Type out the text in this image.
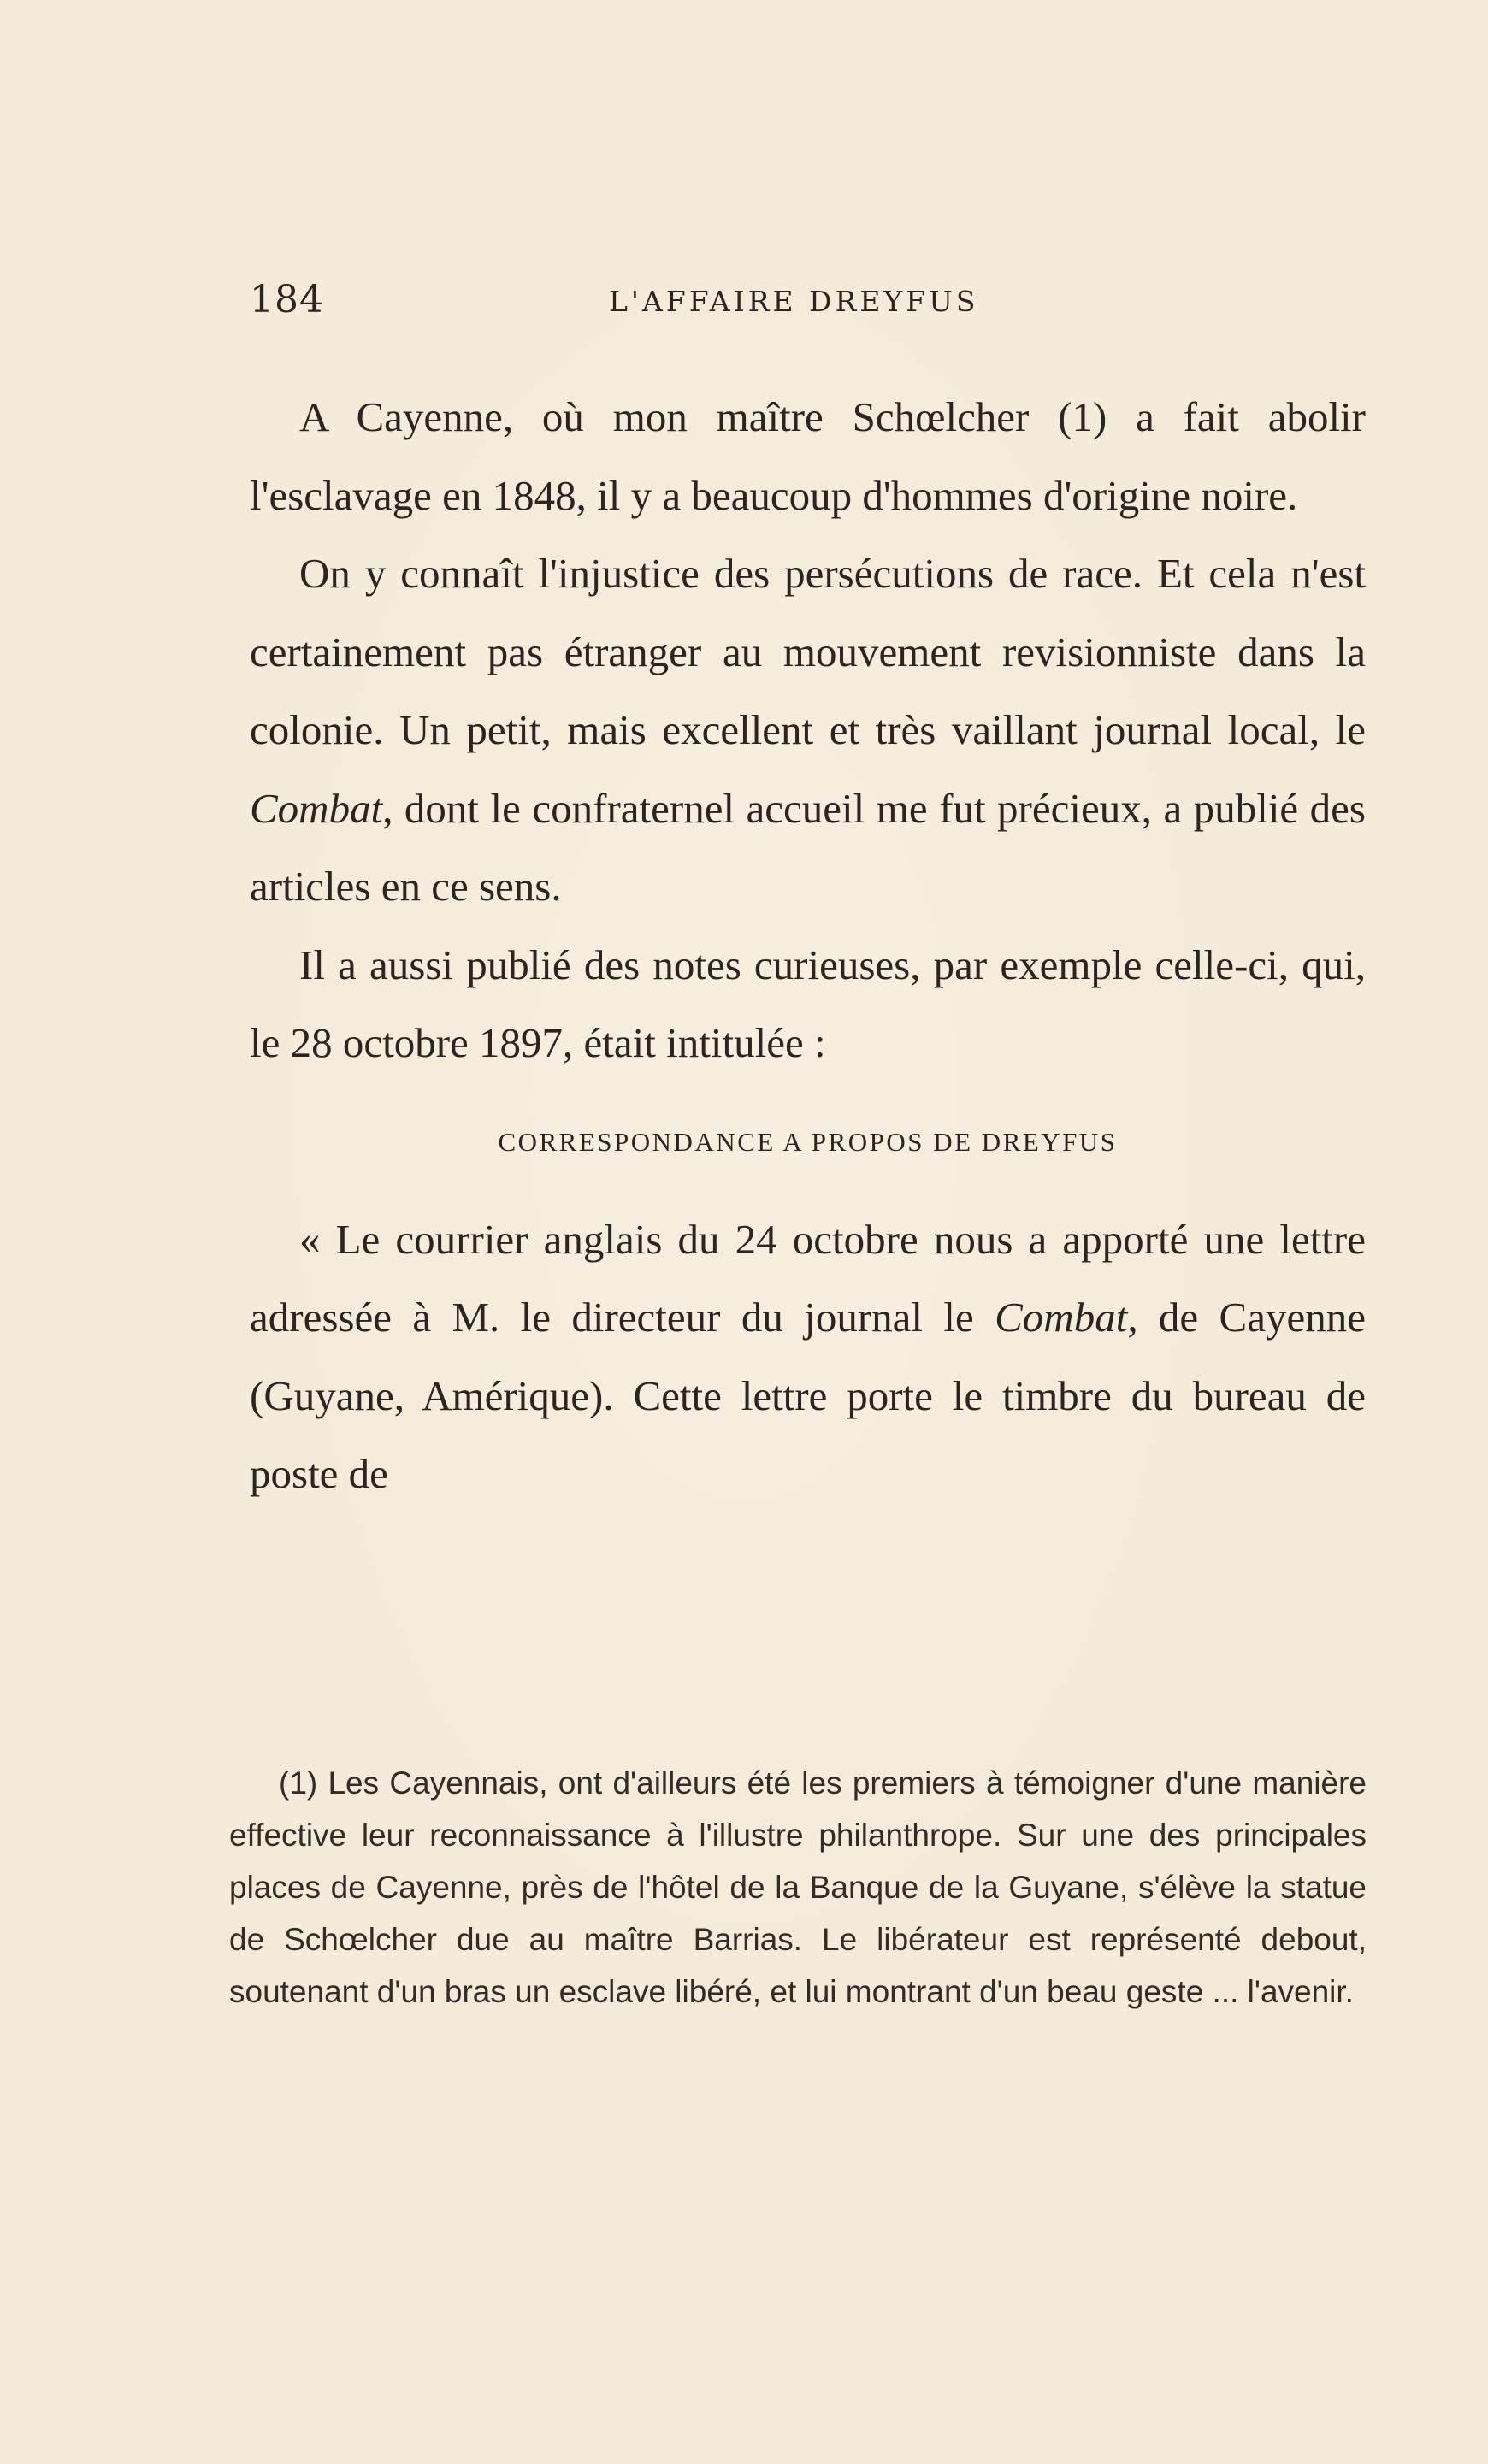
184	L'AFFAIRE DREYFUS

A Cayenne, où mon maître Schœlcher (1) a fait abolir l'esclavage en 1848, il y a beaucoup d'hommes d'origine noire.

On y connaît l'injustice des persécutions de race. Et cela n'est certainement pas étranger au mouvement revisionniste dans la colonie. Un petit, mais excellent et très vaillant journal local, le Combat, dont le confraternel accueil me fut précieux, a publié des articles en ce sens.

Il a aussi publié des notes curieuses, par exemple celle-ci, qui, le 28 octobre 1897, était intitulée :

CORRESPONDANCE A PROPOS DE DREYFUS

« Le courrier anglais du 24 octobre nous a apporté une lettre adressée à M. le directeur du journal le Combat, de Cayenne (Guyane, Amérique). Cette lettre porte le timbre du bureau de poste de

(1) Les Cayennais, ont d'ailleurs été les premiers à témoigner d'une manière effective leur reconnaissance à l'illustre philanthrope. Sur une des principales places de Cayenne, près de l'hôtel de la Banque de la Guyane, s'élève la statue de Schœlcher due au maître Barrias. Le libérateur est représenté debout, soutenant d'un bras un esclave libéré, et lui montrant d'un beau geste ... l'avenir.
